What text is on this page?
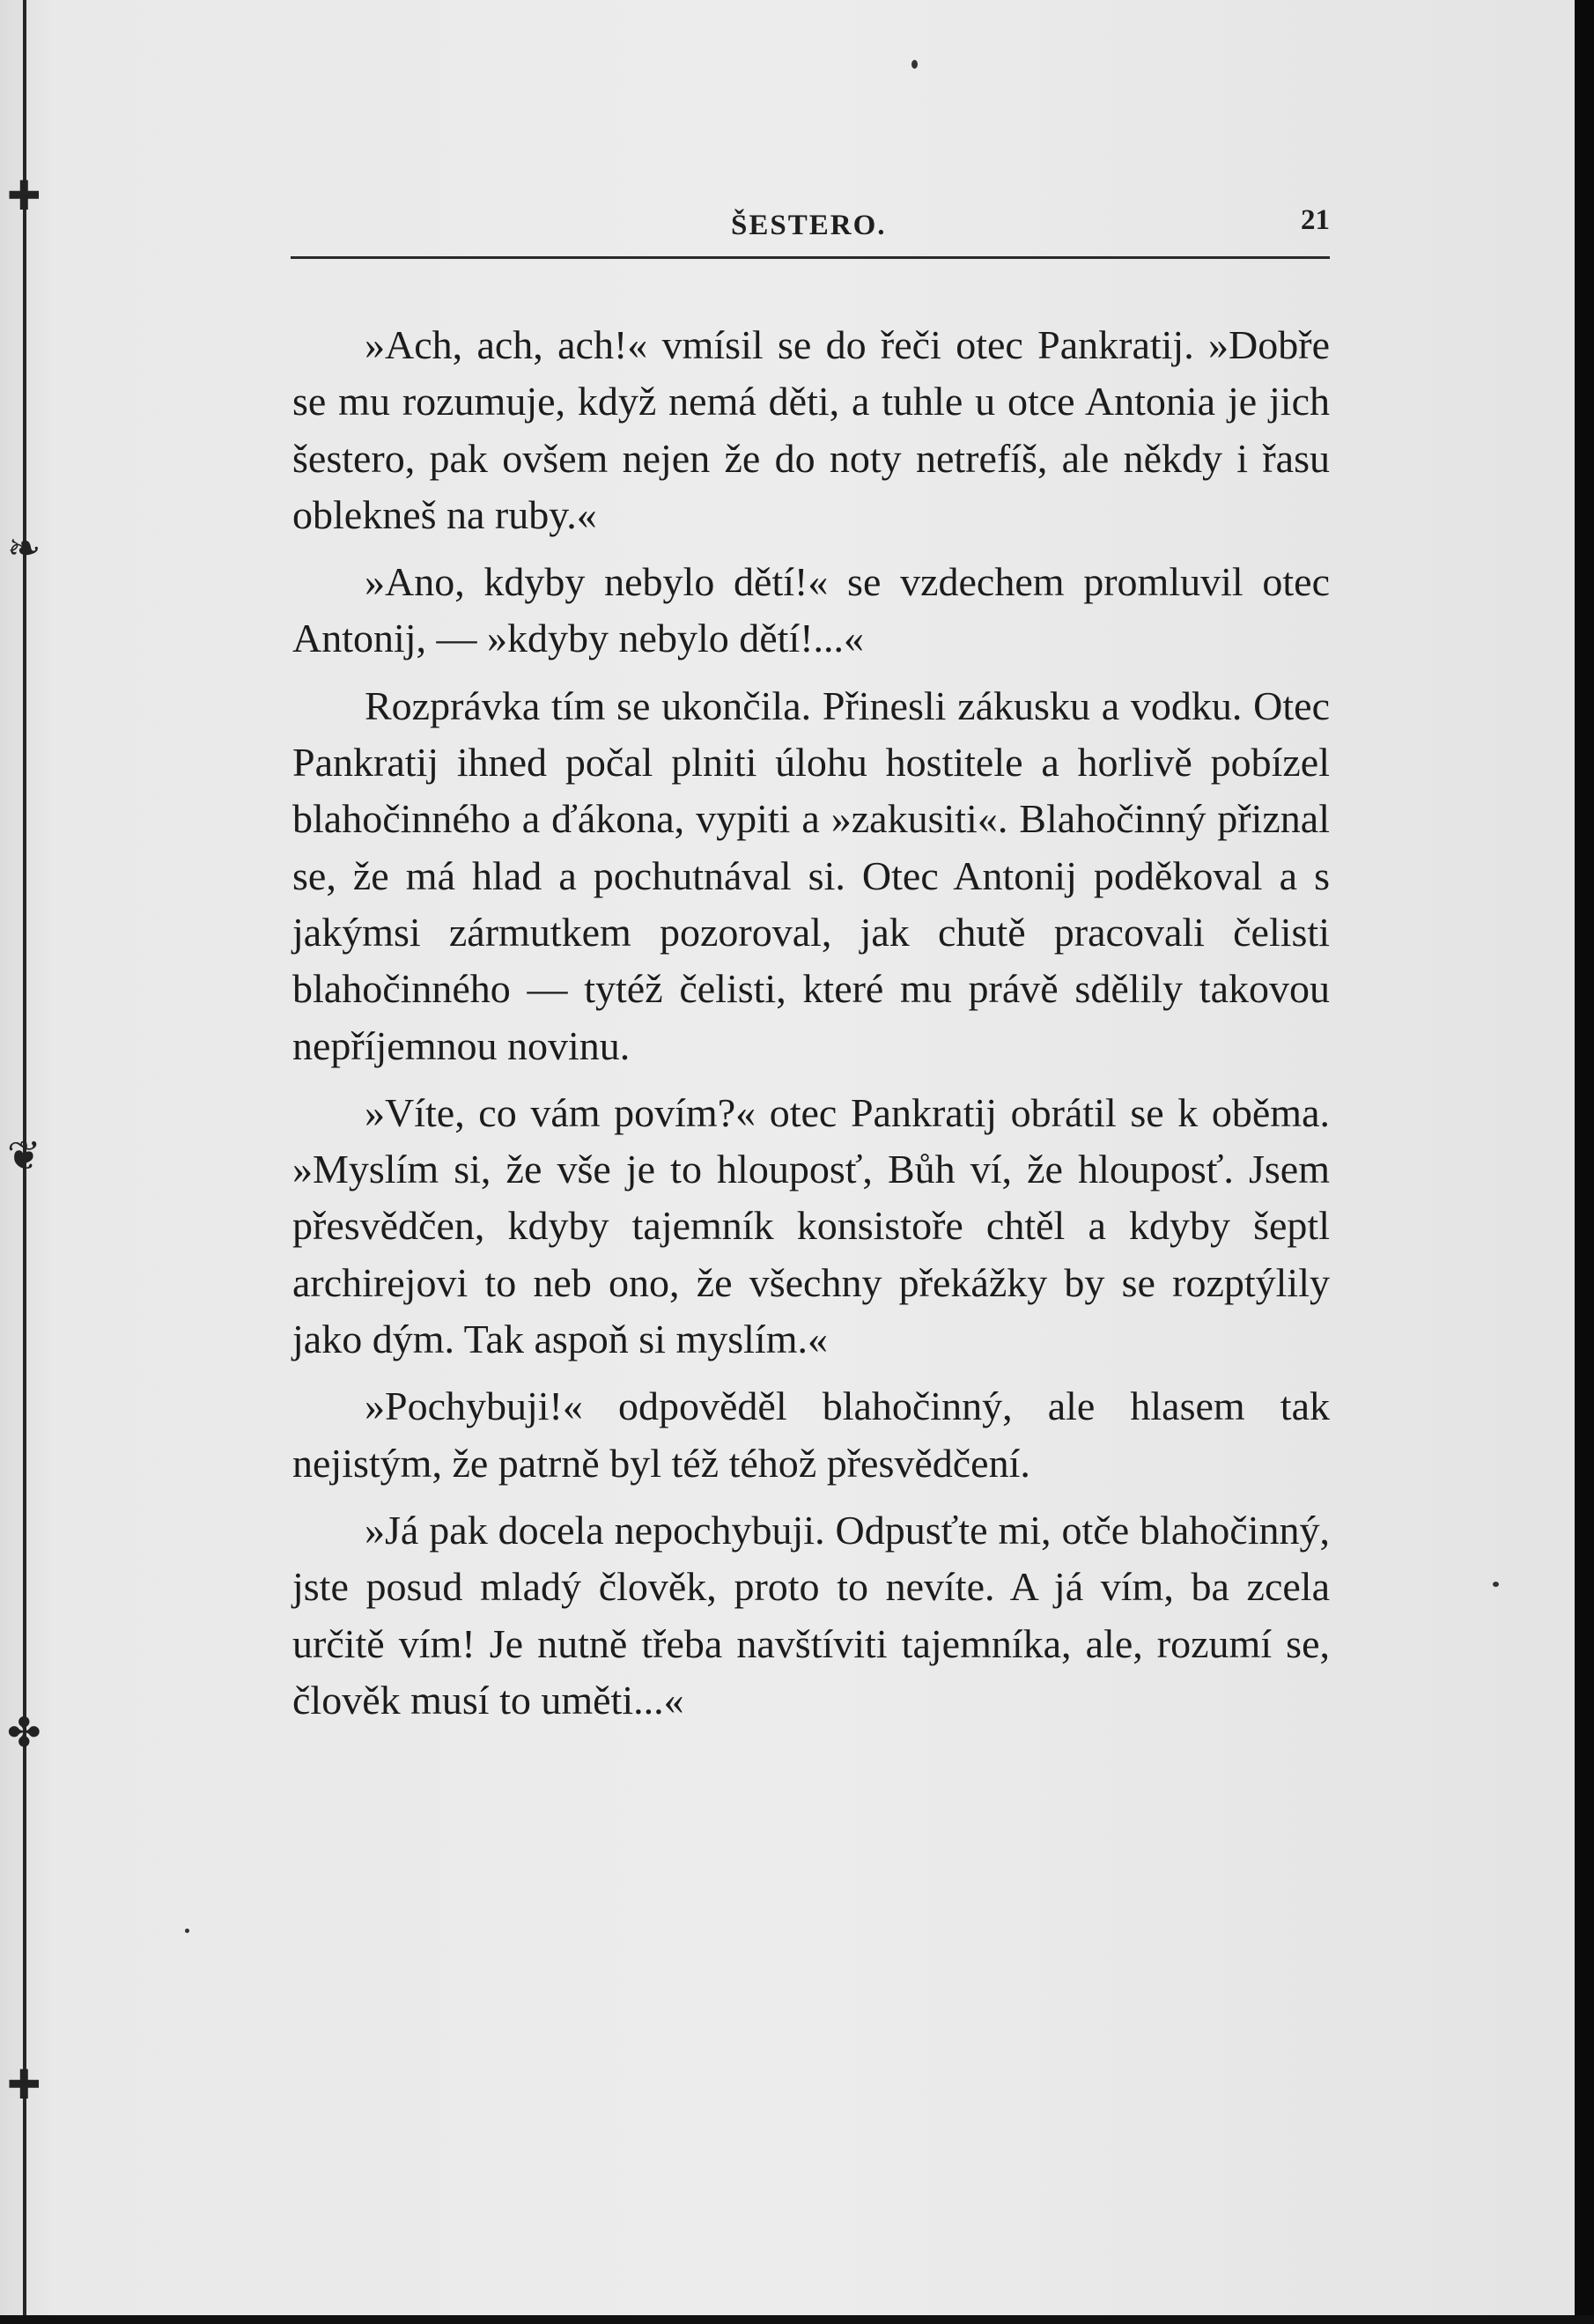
✚
❧
❦
✤
✚
ŠESTERO.	21

»Ach, ach, ach!« vmísil se do řeči otec Pankratij. »Dobře se mu rozumuje, když nemá děti, a tuhle u otce Antonia je jich šestero, pak ovšem nejen že do noty netrefíš, ale někdy i řasu oblekneš na ruby.«

»Ano, kdyby nebylo dětí!« se vzdechem promluvil otec Antonij, — »kdyby nebylo dětí!...«

Rozprávka tím se ukončila. Přinesli zákusku a vodku. Otec Pankratij ihned počal plniti úlohu hostitele a horlivě pobízel blahočinného a ďákona, vypiti a »zakusiti«. Blahočinný přiznal se, že má hlad a pochutnával si. Otec Antonij poděkoval a s jakýmsi zármutkem pozoroval, jak chutě pracovali čelisti blahočinného — tytéž čelisti, které mu právě sdělily takovou nepříjemnou novinu.

»Víte, co vám povím?« otec Pankratij obrátil se k oběma. »Myslím si, že vše je to hlouposť, Bůh ví, že hlouposť. Jsem přesvědčen, kdyby tajemník konsistoře chtěl a kdyby šeptl archirejovi to neb ono, že všechny překážky by se rozptýlily jako dým. Tak aspoň si myslím.«

»Pochybuji!« odpověděl blahočinný, ale hlasem tak nejistým, že patrně byl též téhož přesvědčení.

»Já pak docela nepochybuji. Odpusťte mi, otče blahočinný, jste posud mladý člověk, proto to nevíte. A já vím, ba zcela určitě vím! Je nutně třeba navštíviti tajemníka, ale, rozumí se, člověk musí to uměti...«
